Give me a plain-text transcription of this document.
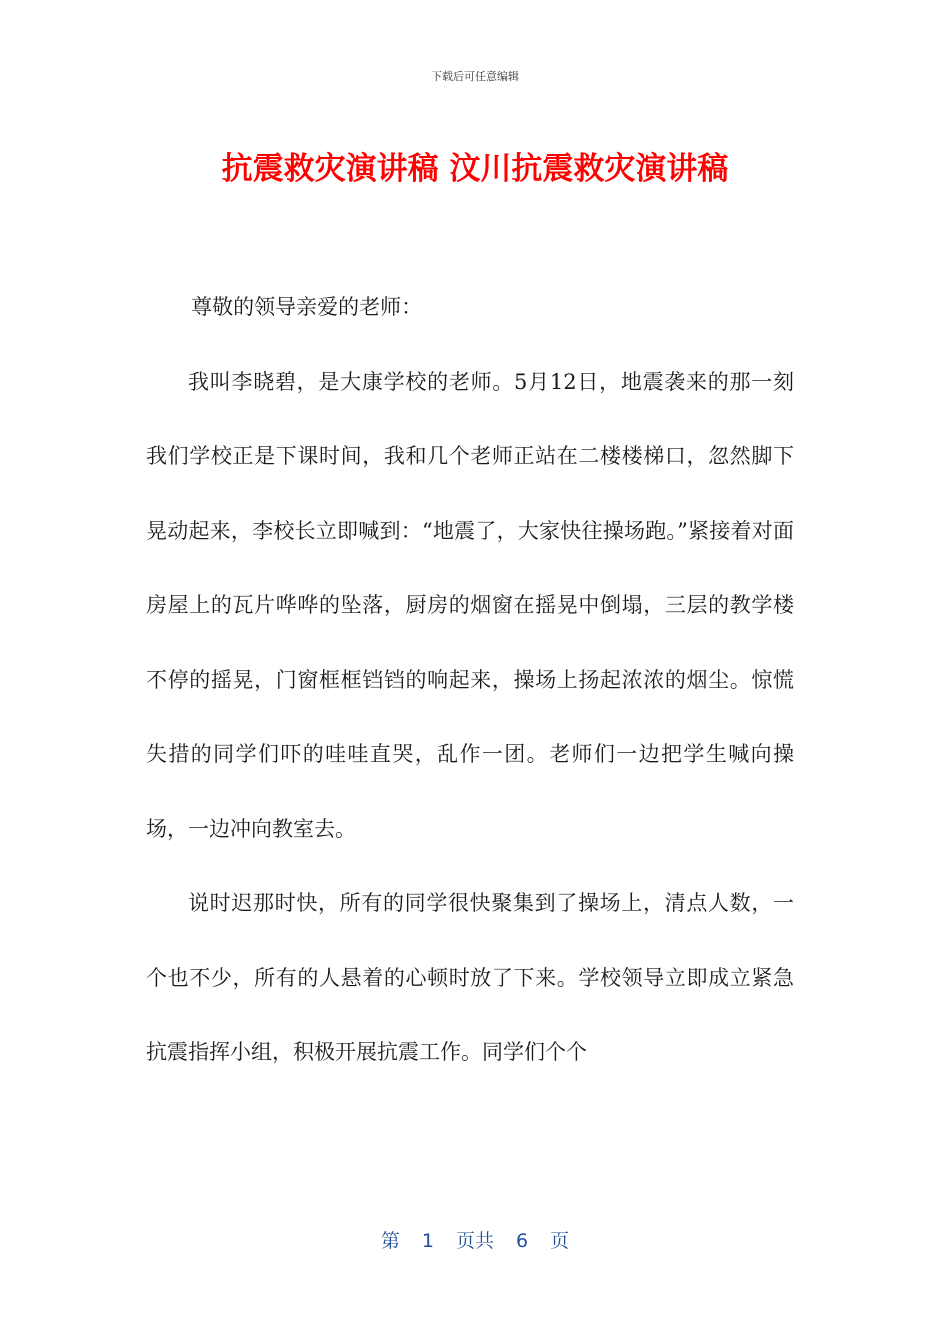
下载后可任意编辑
抗震救灾演讲稿 汶川抗震救灾演讲稿

尊敬的领导亲爱的老师：

我叫李晓碧，是大康学校的老师。5月12日，地震袭来的那一刻我们学校正是下课时间，我和几个老师正站在二楼楼梯口，忽然脚下晃动起来，李校长立即喊到：“地震了，大家快往操场跑。”紧接着对面房屋上的瓦片哗哗的坠落，厨房的烟窗在摇晃中倒塌，三层的教学楼不停的摇晃，门窗框框铛铛的响起来，操场上扬起浓浓的烟尘。惊慌失措的同学们吓的哇哇直哭，乱作一团。老师们一边把学生喊向操场，一边冲向教室去。

说时迟那时快，所有的同学很快聚集到了操场上，清点人数，一个也不少，所有的人悬着的心顿时放了下来。学校领导立即成立紧急抗震指挥小组，积极开展抗震工作。同学们个个

第 1 页共 6 页
